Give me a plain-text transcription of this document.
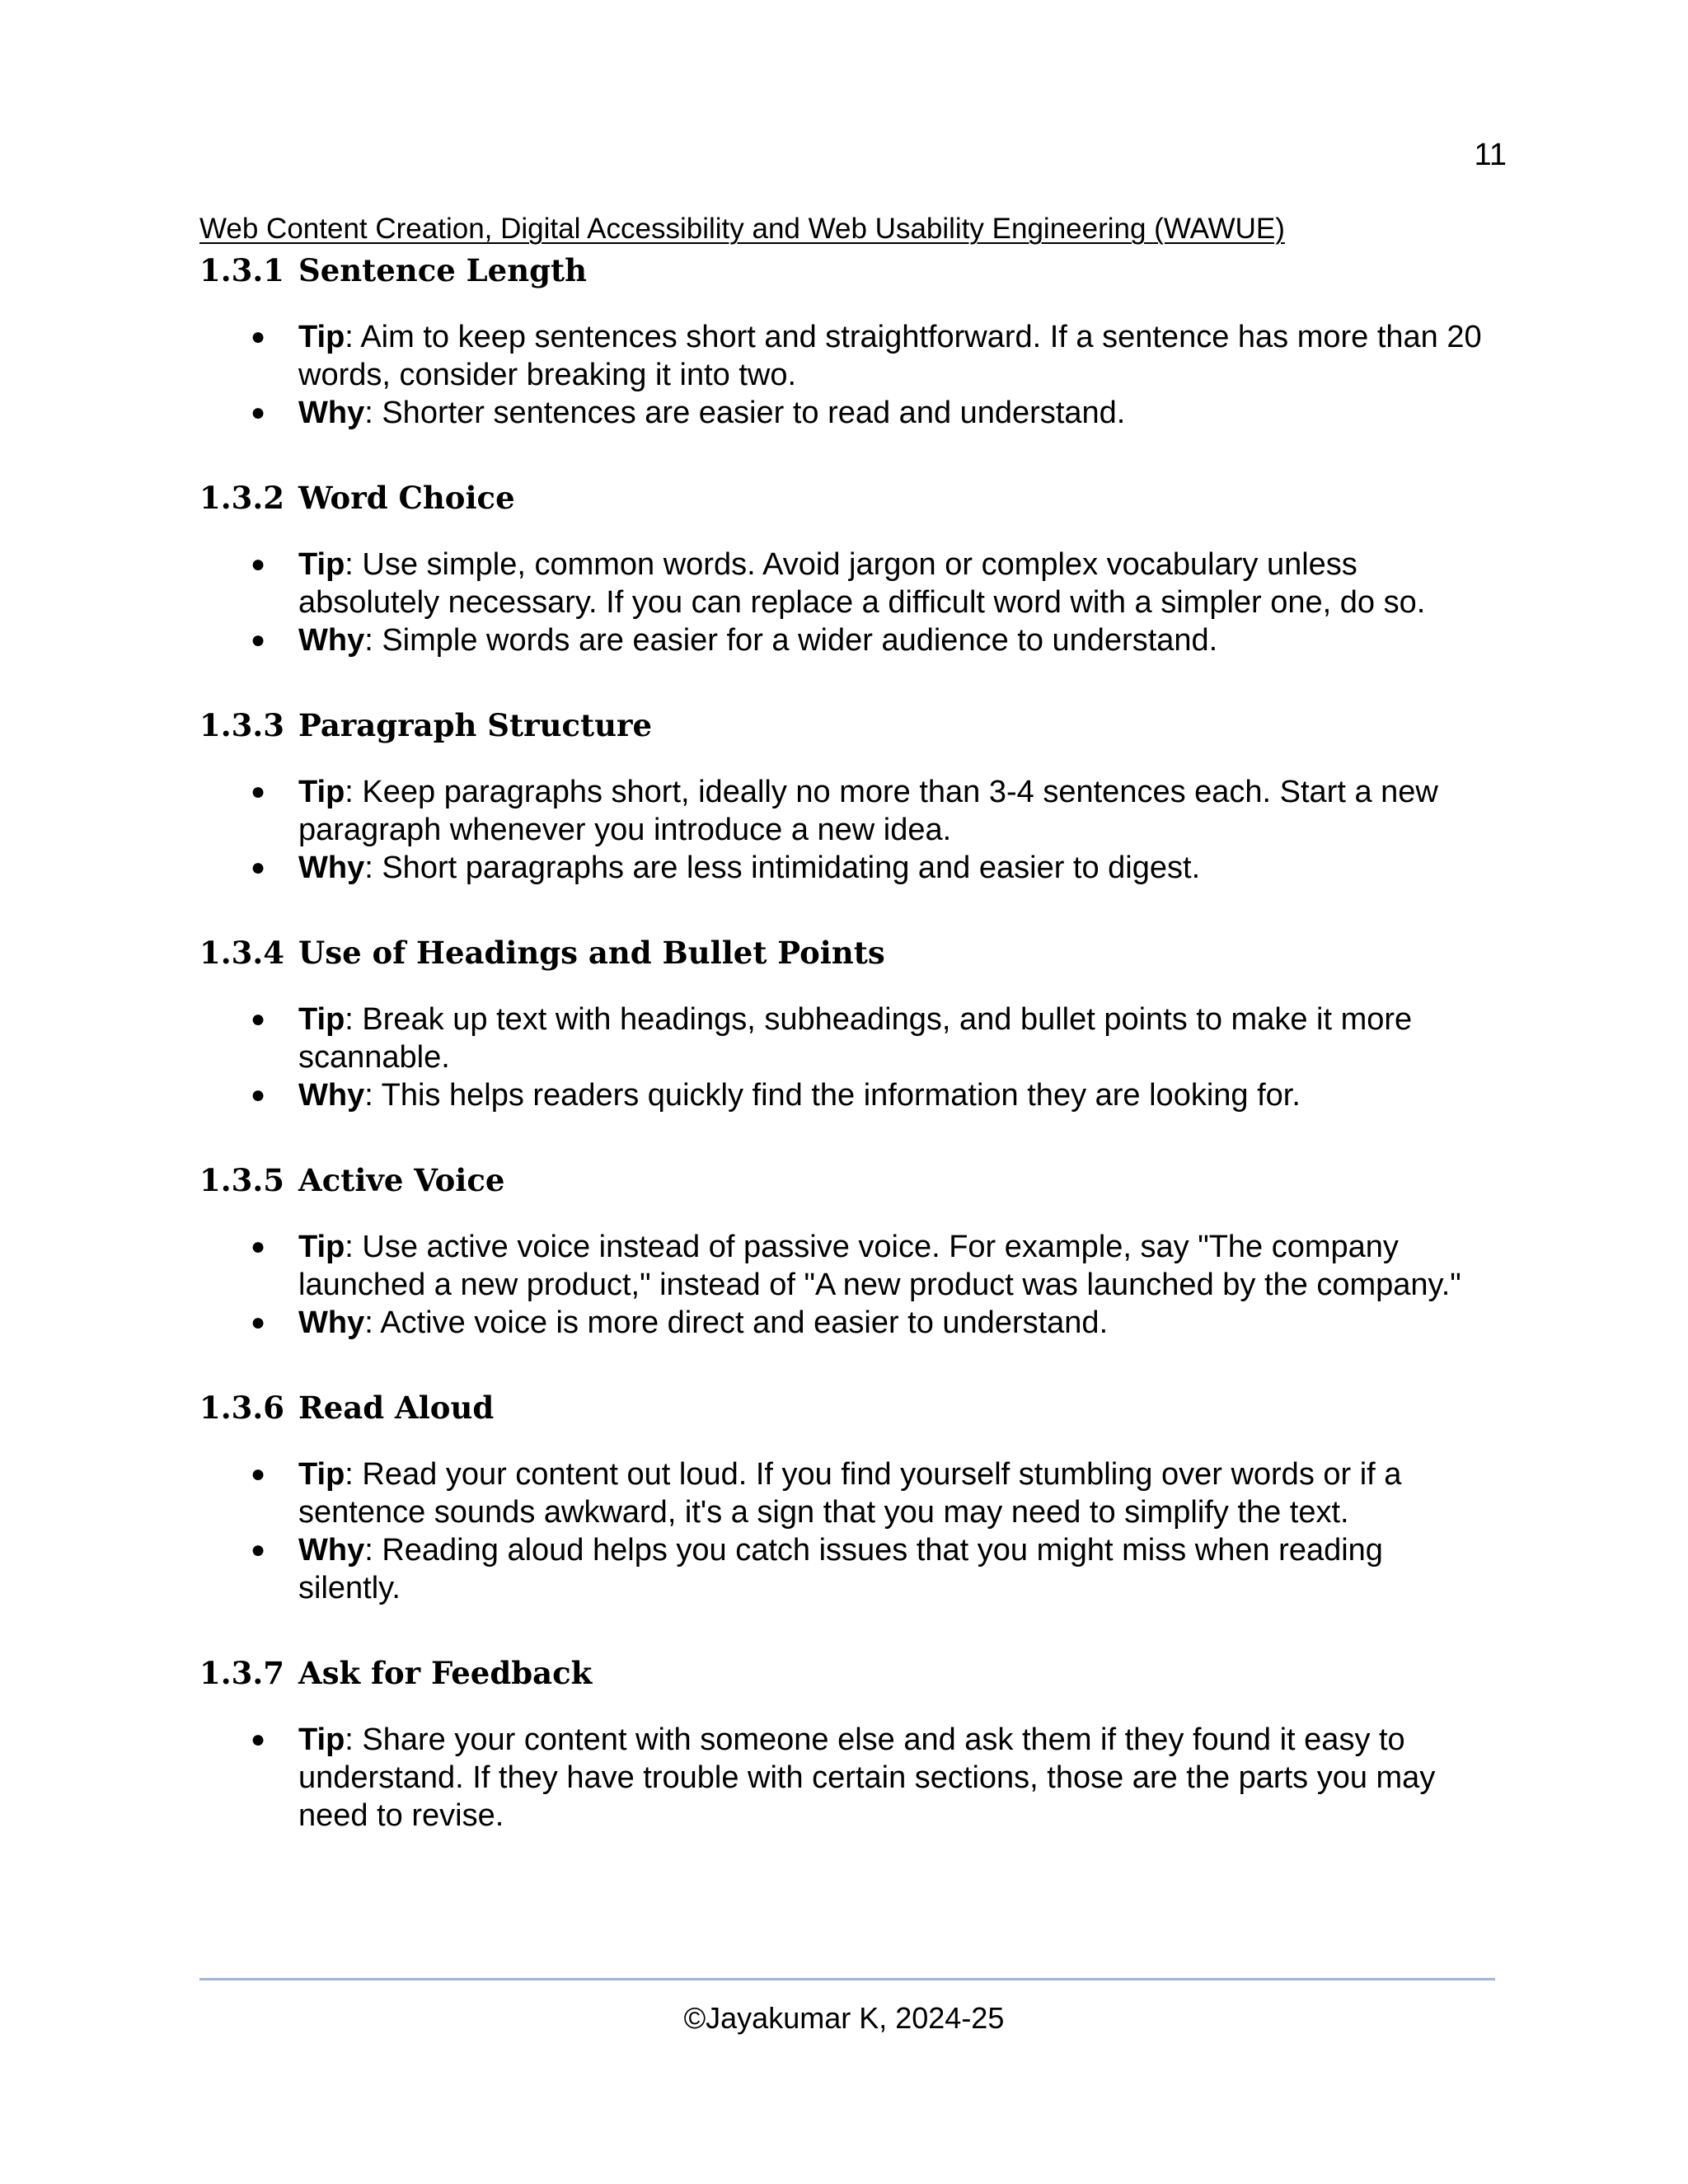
11
Web Content Creation, Digital Accessibility and Web Usability Engineering (WAWUE)
1.3.1 Sentence Length
● Tip: Aim to keep sentences short and straightforward. If a sentence has more than 20 words, consider breaking it into two.
● Why: Shorter sentences are easier to read and understand.
1.3.2 Word Choice
● Tip: Use simple, common words. Avoid jargon or complex vocabulary unless absolutely necessary. If you can replace a difficult word with a simpler one, do so.
● Why: Simple words are easier for a wider audience to understand.
1.3.3 Paragraph Structure
● Tip: Keep paragraphs short, ideally no more than 3-4 sentences each. Start a new paragraph whenever you introduce a new idea.
● Why: Short paragraphs are less intimidating and easier to digest.
1.3.4 Use of Headings and Bullet Points
● Tip: Break up text with headings, subheadings, and bullet points to make it more scannable.
● Why: This helps readers quickly find the information they are looking for.
1.3.5 Active Voice
● Tip: Use active voice instead of passive voice. For example, say "The company launched a new product," instead of "A new product was launched by the company."
● Why: Active voice is more direct and easier to understand.
1.3.6 Read Aloud
● Tip: Read your content out loud. If you find yourself stumbling over words or if a sentence sounds awkward, it's a sign that you may need to simplify the text.
● Why: Reading aloud helps you catch issues that you might miss when reading silently.
1.3.7 Ask for Feedback
● Tip: Share your content with someone else and ask them if they found it easy to understand. If they have trouble with certain sections, those are the parts you may need to revise.
©Jayakumar K, 2024-25
